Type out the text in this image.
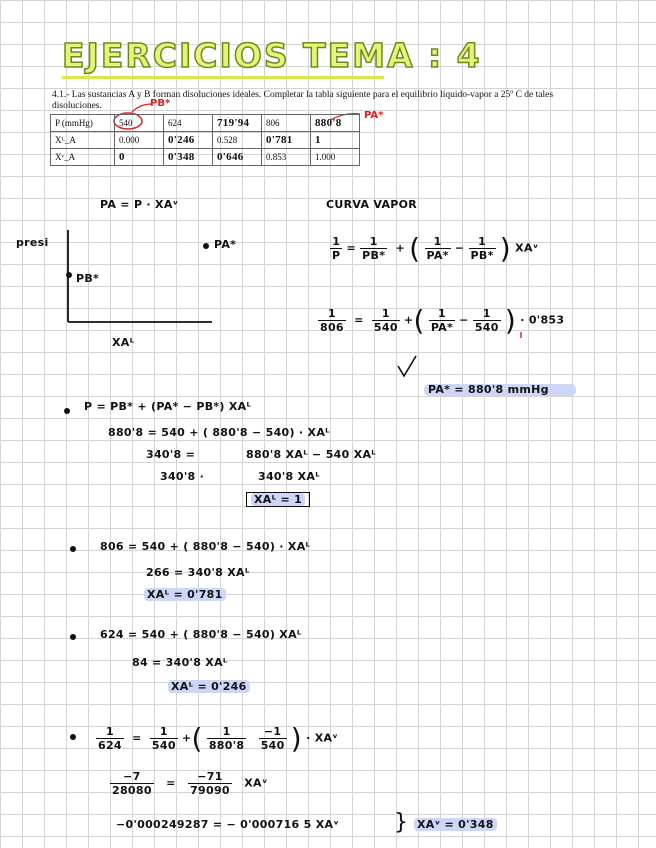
EJERCICIOS TEMA : 4
4.1.- Las sustancias A y B forman disoluciones ideales. Completar la tabla siguiente para el equilibrio líquido-vapor a 25º C de tales disoluciones.
P (mmHg)	540	624	719'94	806	880'8
Xᴸ_A	0.000	0'246	0.528	0'781	1
Xᵛ_A	0	0'348	0'646	0.853	1.000
PB*
PA*
PA = P · XAᵛ
presi	PA*
PB*
XAᴸ
CURVA VAPOR
$\frac{1}{P} = \frac{1}{PB*}$ + ( $\frac{1}{PA*} - \frac{1}{PB*}$ ) XAᵛ
$\frac{1}{806} = \frac{1}{540}$ +( $\frac{1}{PA*} - \frac{1}{540}$ ) · 0'853
PA* = 880'8 mmHg
P = PB* + (PA* − PB*) XAᴸ
880'8 = 540 + ( 880'8 − 540) · XAᴸ
340'8 =	880'8 XAᴸ − 540 XAᴸ
340'8 ·	340'8 XAᴸ
XAᴸ = 1
806 = 540 + ( 880'8 − 540) · XAᴸ
266 = 340'8 XAᴸ
XAᴸ = 0'781
624 = 540 + ( 880'8 − 540) XAᴸ
84 = 340'8 XAᴸ
XAᴸ = 0'246
$\frac{1}{624} = \frac{1}{540}$ +( $\frac{1}{880'8}$
$\frac{-1}{540}$ ) · XAᵛ
$\frac{-7}{28080} = \frac{-71}{79090}$ XAᵛ
−0'000249287 = − 0'000716 5 XAᵛ } XAᵛ = 0'348
